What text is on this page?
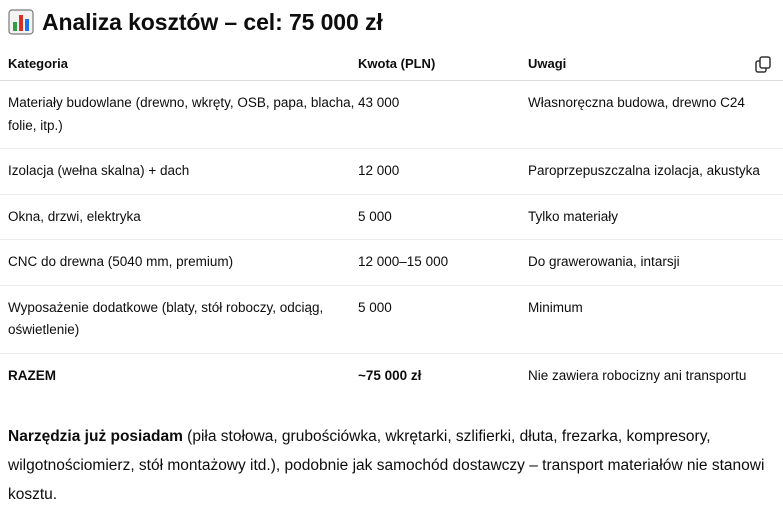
Analiza kosztów – cel: 75 000 zł
Kategoria	Kwota (PLN)	Uwagi
Materiały budowlane (drewno, wkręty, OSB, papa, blacha, folie, itp.)	43 000	Własnoręczna budowa, drewno C24
Izolacja (wełna skalna) + dach	12 000	Paroprzepuszczalna izolacja, akustyka
Okna, drzwi, elektryka	5 000	Tylko materiały
CNC do drewna (5040 mm, premium)	12 000–15 000	Do grawerowania, intarsji
Wyposażenie dodatkowe (blaty, stół roboczy, odciąg, oświetlenie)	5 000	Minimum
RAZEM	~75 000 zł	Nie zawiera robocizny ani transportu

Narzędzia już posiadam (piła stołowa, grubościówka, wkrętarki, szlifierki, dłuta, frezarka, kompresory, wilgotnościomierz, stół montażowy itd.), podobnie jak samochód dostawczy – transport materiałów nie stanowi kosztu.
